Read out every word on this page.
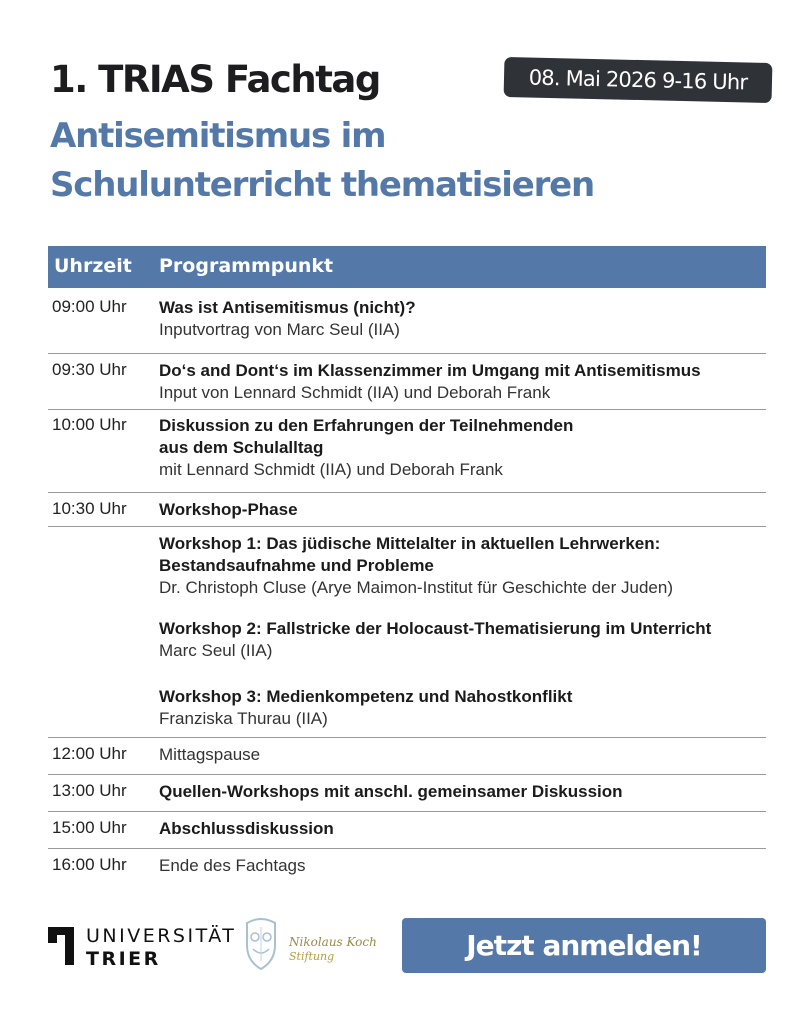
1. TRIAS Fachtag
Antisemitismus im
Schulunterricht thematisieren
08. Mai 2026 9-16 Uhr
Uhrzeit Programmpunkt
09:00 Uhr Was ist Antisemitismus (nicht)?
Inputvortrag von Marc Seul (IIA)
09:30 Uhr Do‘s and Dont‘s im Klassenzimmer im Umgang mit Antisemitismus
Input von Lennard Schmidt (IIA) und Deborah Frank
10:00 Uhr Diskussion zu den Erfahrungen der Teilnehmenden
aus dem Schulalltag
mit Lennard Schmidt (IIA) und Deborah Frank
10:30 Uhr Workshop-Phase
Workshop 1: Das jüdische Mittelalter in aktuellen Lehrwerken:
Bestandsaufnahme und Probleme
Dr. Christoph Cluse (Arye Maimon-Institut für Geschichte der Juden)
Workshop 2: Fallstricke der Holocaust-Thematisierung im Unterricht
Marc Seul (IIA)
Workshop 3: Medienkompetenz und Nahostkonflikt
Franziska Thurau (IIA)
12:00 Uhr Mittagspause
13:00 Uhr Quellen-Workshops mit anschl. gemeinsamer Diskussion
15:00 Uhr Abschlussdiskussion
16:00 Uhr Ende des Fachtags
UNIVERSITÄT
TRIER
Nikolaus Koch
Stiftung	Jetzt anmelden!
